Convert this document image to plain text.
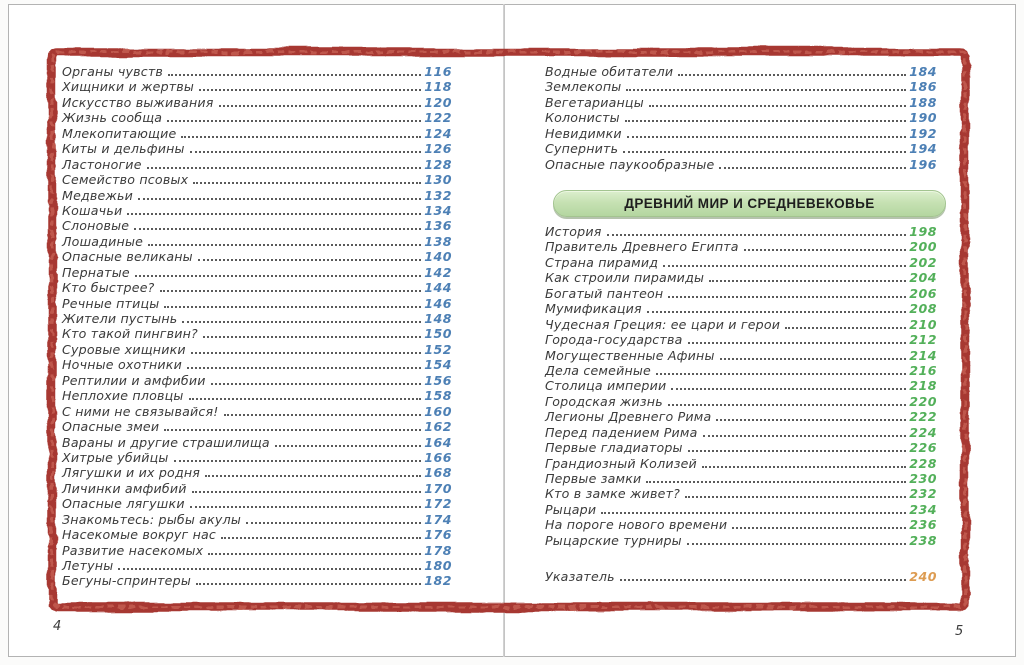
Органы чувств	116
Хищники и жертвы	118
Искусство выживания	120
Жизнь сообща	122
Млекопитающие	124
Киты и дельфины	126
Ластоногие	128
Семейство псовых	130
Медвежьи	132
Кошачьи	134
Слоновые	136
Лошадиные	138
Опасные великаны	140
Пернатые	142
Кто быстрее?	144
Речные птицы	146
Жители пустынь	148
Кто такой пингвин?	150
Суровые хищники	152
Ночные охотники	154
Рептилии и амфибии	156
Неплохие пловцы	158
С ними не связывайся!	160
Опасные змеи	162
Вараны и другие страшилища	164
Хитрые убийцы	166
Лягушки и их родня	168
Личинки амфибий	170
Опасные лягушки	172
Знакомьтесь: рыбы акулы	174
Насекомые вокруг нас	176
Развитие насекомых	178
Летуны	180
Бегуны-спринтеры	182
Водные обитатели	184
Землекопы	186
Вегетарианцы	188
Колонисты	190
Невидимки	192
Супернить	194
Опасные паукообразные	196
ДРЕВНИЙ МИР И СРЕДНЕВЕКОВЬЕ
История	198
Правитель Древнего Египта	200
Страна пирамид	202
Как строили пирамиды	204
Богатый пантеон	206
Мумификация	208
Чудесная Греция: ее цари и герои	210
Города-государства	212
Могущественные Афины	214
Дела семейные	216
Столица империи	218
Городская жизнь	220
Легионы Древнего Рима	222
Перед падением Рима	224
Первые гладиаторы	226
Грандиозный Колизей	228
Первые замки	230
Кто в замке живет?	232
Рыцари	234
На пороге нового времени	236
Рыцарские турниры	238
Указатель	240
4	5
